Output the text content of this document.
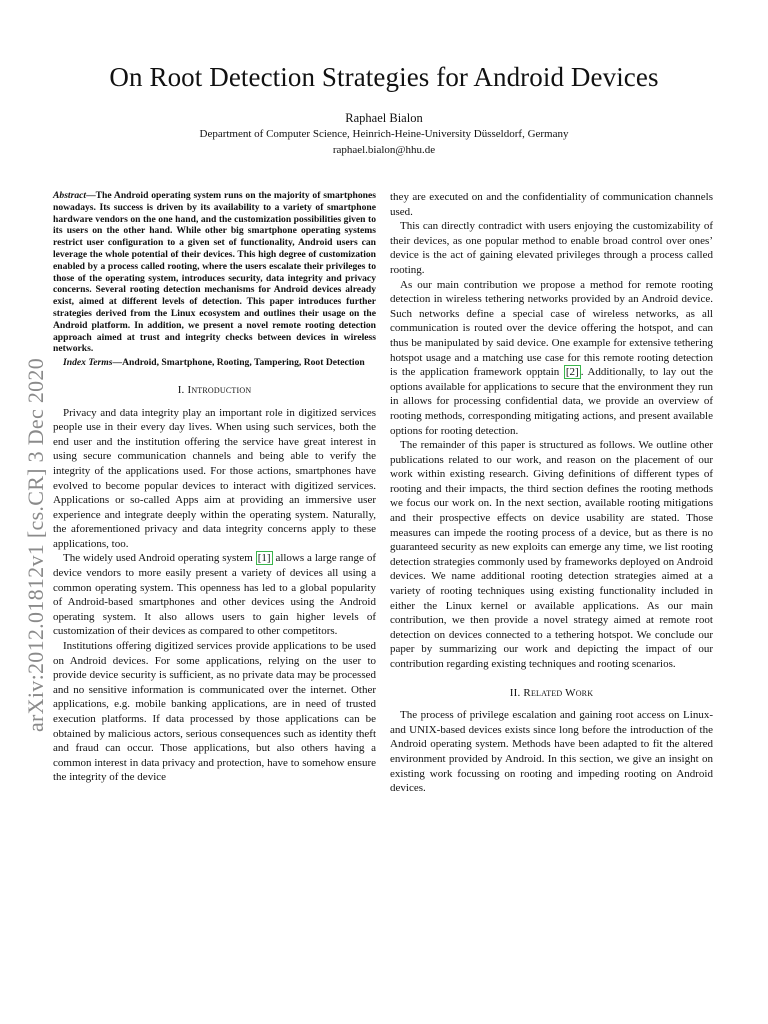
On Root Detection Strategies for Android Devices
Raphael Bialon
Department of Computer Science, Heinrich-Heine-University Düsseldorf, Germany
raphael.bialon@hhu.de
arXiv:2012.01812v1 [cs.CR] 3 Dec 2020

Abstract—The Android operating system runs on the majority of smartphones nowadays. Its success is driven by its availability to a variety of smartphone hardware vendors on the one hand, and the customization possibilities given to its users on the other hand. While other big smartphone operating systems restrict user configuration to a given set of functionality, Android users can leverage the whole potential of their devices. This high degree of customization enabled by a process called rooting, where the users escalate their privileges to those of the operating system, introduces security, data integrity and privacy concerns. Several rooting detection mechanisms for Android devices already exist, aimed at different levels of detection. This paper introduces further strategies derived from the Linux ecosystem and outlines their usage on the Android platform. In addition, we present a novel remote rooting detection approach aimed at trust and integrity checks between devices in wireless networks.

Index Terms—Android, Smartphone, Rooting, Tampering, Root Detection

I. Introduction

Privacy and data integrity play an important role in digitized services people use in their every day lives. When using such services, both the end user and the institution offering the service have great interest in using secure communication channels and being able to verify the integrity of the applications used. For those actions, smartphones have evolved to become popular devices to interact with digitized services. Applications or so-called Apps aim at providing an immersive user experience and integrate deeply within the operating system. Naturally, the aforementioned privacy and data integrity concerns apply to these applications, too.

The widely used Android operating system [1] allows a large range of device vendors to more easily present a variety of devices all using a common operating system. This openness has led to a global popularity of Android-based smartphones and other devices using the Android operating system. It also allows users to gain higher levels of customization of their devices as compared to other competitors.

Institutions offering digitized services provide applications to be used on Android devices. For some applications, relying on the user to provide device security is sufficient, as no private data may be processed and no sensitive information is communicated over the internet. Other applications, e.g. mobile banking applications, are in need of trusted execution platforms. If data processed by those applications can be obtained by malicious actors, serious consequences such as identity theft and fraud can occur. Those applications, but also others having a common interest in data privacy and protection, have to somehow ensure the integrity of the device

they are executed on and the confidentiality of communication channels used.

This can directly contradict with users enjoying the customizability of their devices, as one popular method to enable broad control over ones’ device is the act of gaining elevated privileges through a process called rooting.

As our main contribution we propose a method for remote rooting detection in wireless tethering networks provided by an Android device. Such networks define a special case of wireless networks, as all communication is routed over the device offering the hotspot, and can thus be manipulated by said device. One example for extensive tethering hotspot usage and a matching use case for this remote rooting detection is the application framework opptain [2] . Additionally, to lay out the options available for applications to secure that the environment they run in allows for processing confidential data, we provide an overview of rooting methods, corresponding mitigating actions, and present available options for rooting detection.

The remainder of this paper is structured as follows. We outline other publications related to our work, and reason on the placement of our work within existing research. Giving definitions of different types of rooting and their impacts, the third section defines the rooting methods we focus our work on. In the next section, available rooting mitigations and their prospective effects on device usability are stated. Those measures can impede the rooting process of a device, but as there is no guaranteed security as new exploits can emerge any time, we list rooting detection strategies commonly used by frameworks deployed on Android devices. We name additional rooting detection strategies aimed at a variety of rooting techniques using existing functionality included in either the Linux kernel or available applications. As our main contribution, we then provide a novel strategy aimed at remote root detection on devices connected to a tethering hotspot. We conclude our paper by summarizing our work and depicting the impact of our contribution regarding existing techniques and rooting scenarios.

II. Related Work

The process of privilege escalation and gaining root access on Linux- and UNIX-based devices exists since long before the introduction of the Android operating system. Methods have been adapted to fit the altered environment provided by Android. In this section, we give an insight on existing work focussing on rooting and impeding rooting on Android devices.
